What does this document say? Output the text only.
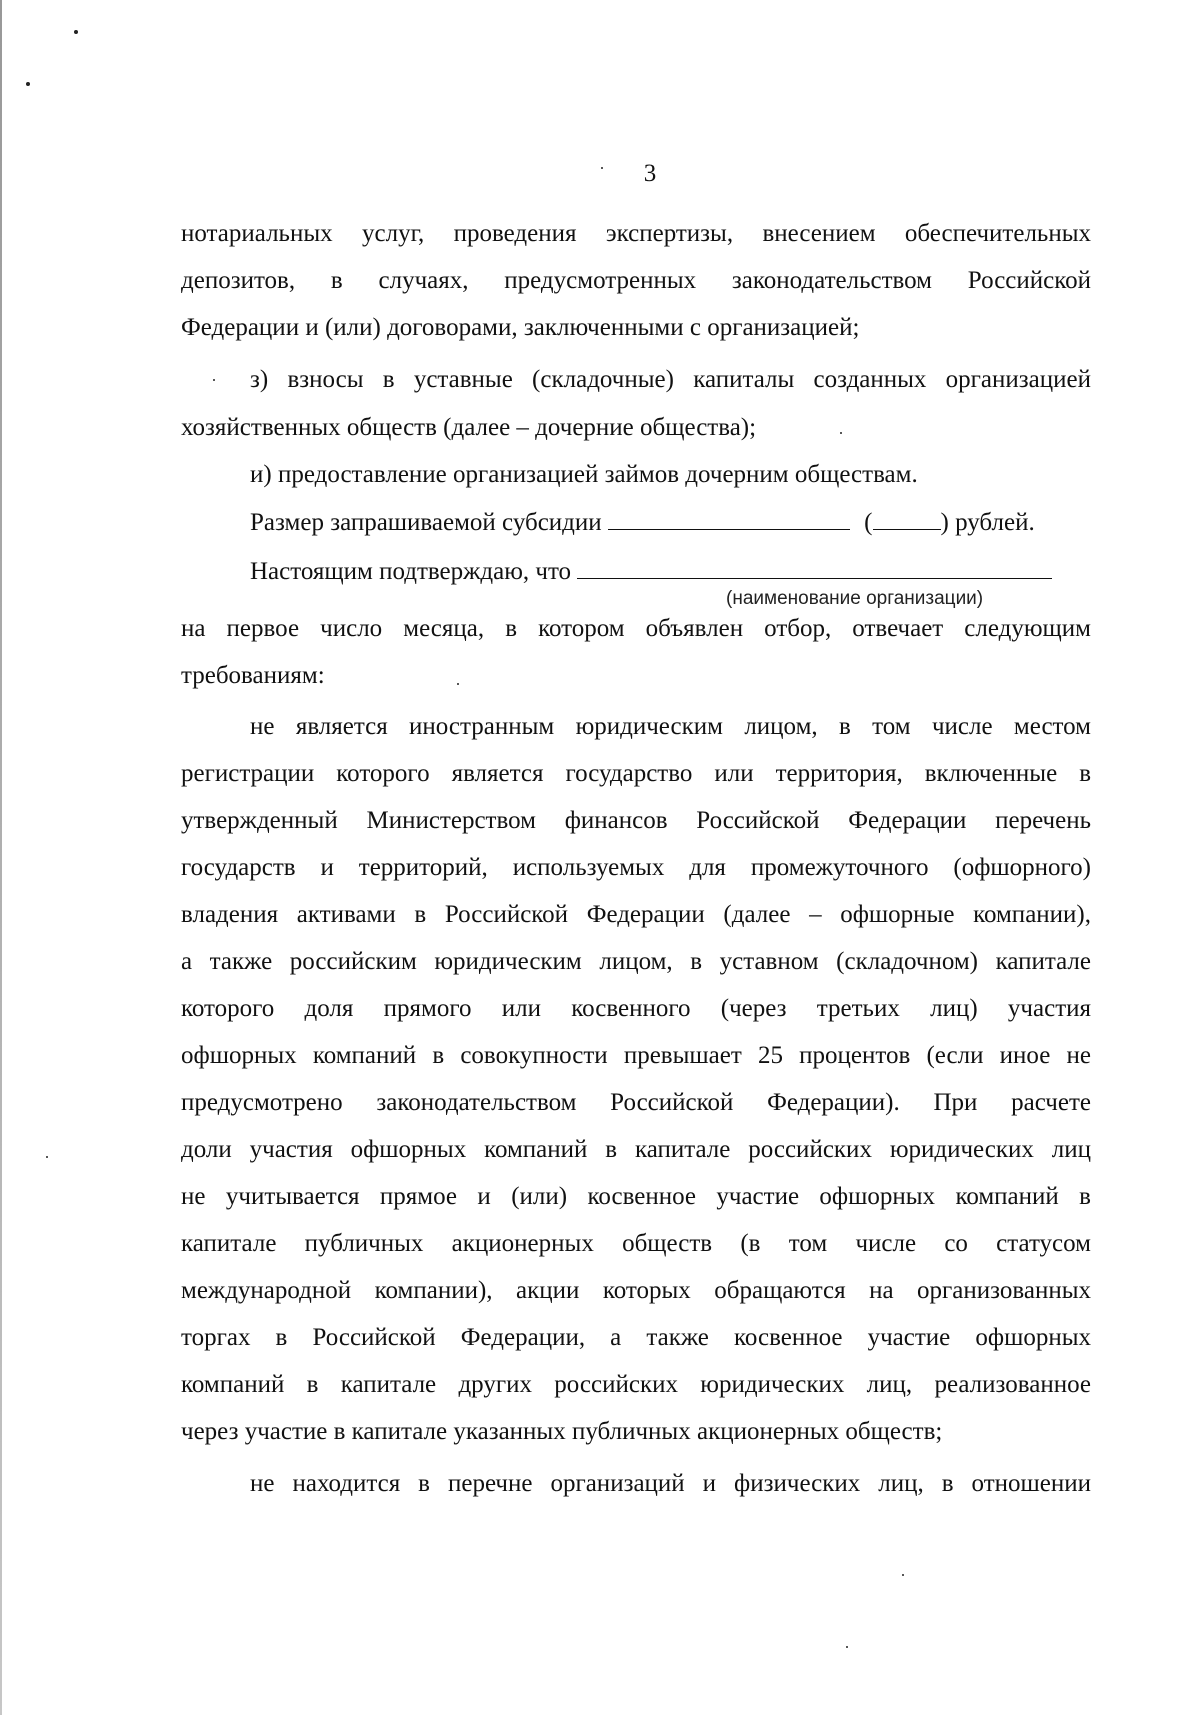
3
нотариальных услуг, проведения экспертизы, внесением обеспечительных
депозитов, в случаях, предусмотренных законодательством Российской
Федерации и (или) договорами, заключенными с организацией;
з) взносы в уставные (складочные) капиталы созданных организацией
хозяйственных обществ (далее – дочерние общества);
и) предоставление организацией займов дочерним обществам.
Размер запрашиваемой субсидии	(	) рублей.
Настоящим подтверждаю, что
(наименование организации)
на первое число месяца, в котором объявлен отбор, отвечает следующим
требованиям:
не является иностранным юридическим лицом, в том числе местом
регистрации которого является государство или территория, включенные в
утвержденный Министерством финансов Российской Федерации перечень
государств и территорий, используемых для промежуточного (офшорного)
владения активами в Российской Федерации (далее – офшорные компании),
а также российским юридическим лицом, в уставном (складочном) капитале
которого доля прямого или косвенного (через третьих лиц) участия
офшорных компаний в совокупности превышает 25 процентов (если иное не
предусмотрено законодательством Российской Федерации). При расчете
доли участия офшорных компаний в капитале российских юридических лиц
не учитывается прямое и (или) косвенное участие офшорных компаний в
капитале публичных акционерных обществ (в том числе со статусом
международной компании), акции которых обращаются на организованных
торгах в Российской Федерации, а также косвенное участие офшорных
компаний в капитале других российских юридических лиц, реализованное
через участие в капитале указанных публичных акционерных обществ;
не находится в перечне организаций и физических лиц, в отношении
